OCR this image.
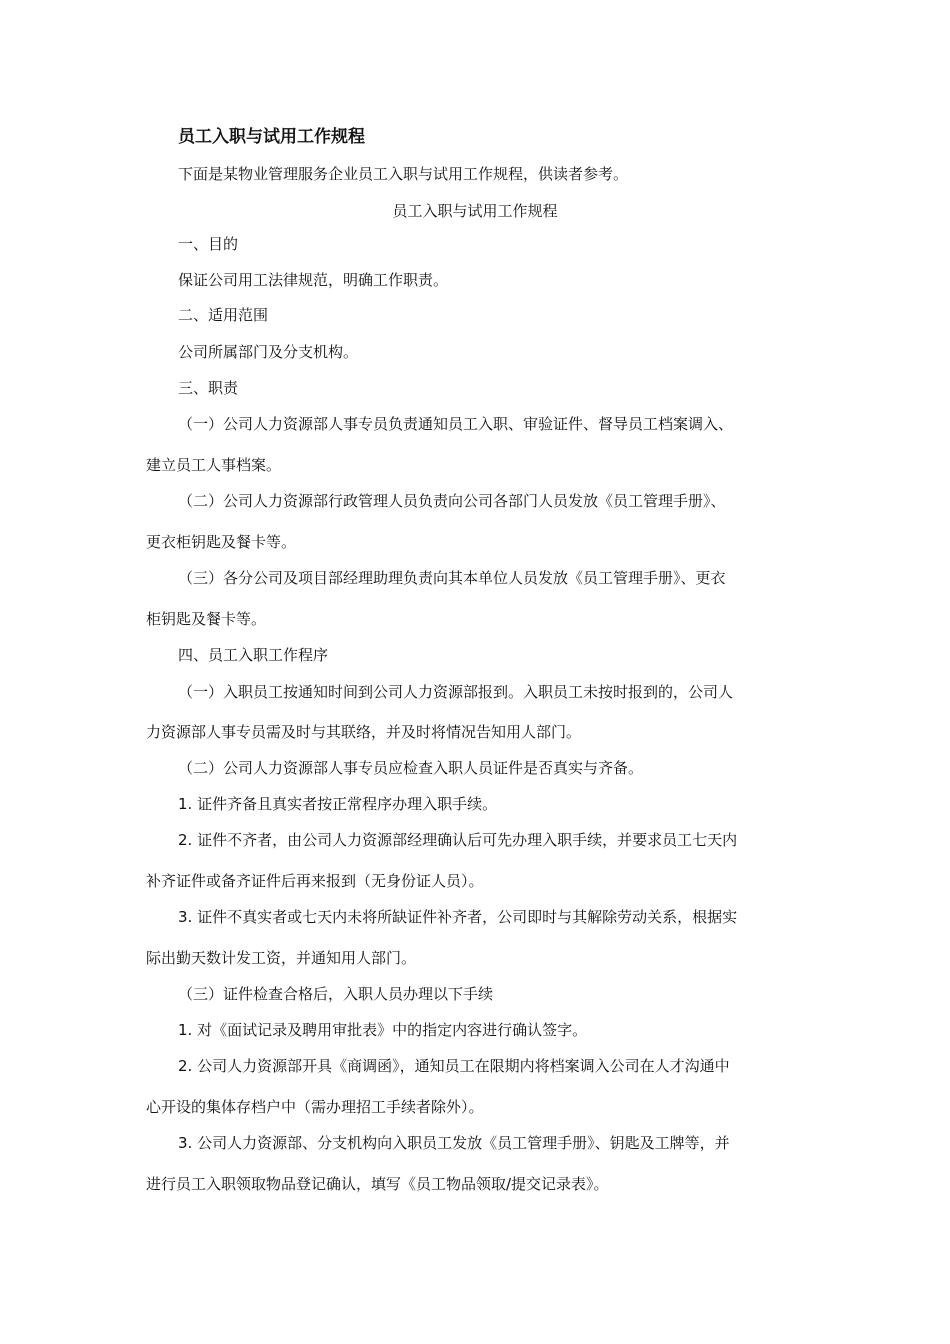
员工入职与试用工作规程
下面是某物业管理服务企业员工入职与试用工作规程，供读者参考。
员工入职与试用工作规程
一、目的
保证公司用工法律规范，明确工作职责。
二、适用范围
公司所属部门及分支机构。
三、职责
（一）公司人力资源部人事专员负责通知员工入职、审验证件、督导员工档案调入、
建立员工人事档案。
（二）公司人力资源部行政管理人员负责向公司各部门人员发放《员工管理手册》、
更衣柜钥匙及餐卡等。
（三）各分公司及项目部经理助理负责向其本单位人员发放《员工管理手册》、更衣
柜钥匙及餐卡等。
四、员工入职工作程序
（一）入职员工按通知时间到公司人力资源部报到。入职员工未按时报到的，公司人
力资源部人事专员需及时与其联络，并及时将情况告知用人部门。
（二）公司人力资源部人事专员应检查入职人员证件是否真实与齐备。
1. 证件齐备且真实者按正常程序办理入职手续。
2. 证件不齐者，由公司人力资源部经理确认后可先办理入职手续，并要求员工七天内
补齐证件或备齐证件后再来报到（无身份证人员）。
3. 证件不真实者或七天内未将所缺证件补齐者，公司即时与其解除劳动关系，根据实
际出勤天数计发工资，并通知用人部门。
（三）证件检查合格后，入职人员办理以下手续
1. 对《面试记录及聘用审批表》中的指定内容进行确认签字。
2. 公司人力资源部开具《商调函》，通知员工在限期内将档案调入公司在人才沟通中
心开设的集体存档户中（需办理招工手续者除外）。
3. 公司人力资源部、分支机构向入职员工发放《员工管理手册》、钥匙及工牌等，并
进行员工入职领取物品登记确认，填写《员工物品领取/提交记录表》。
